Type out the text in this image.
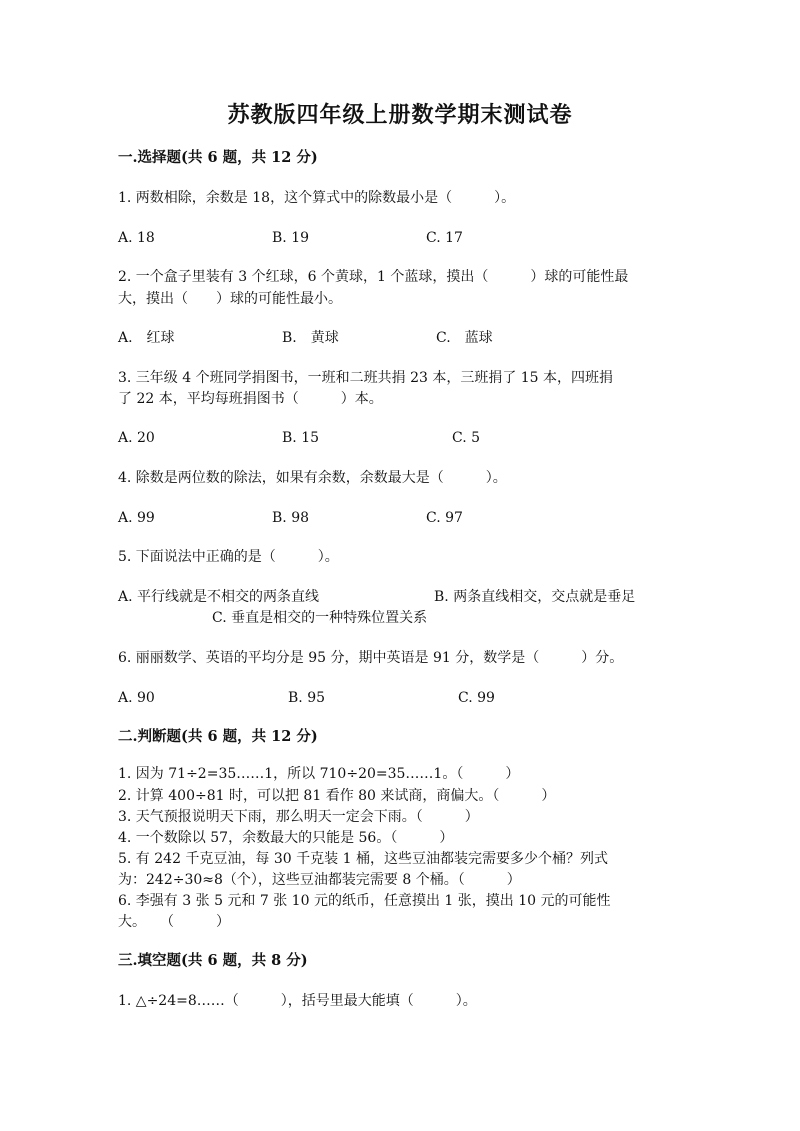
苏教版四年级上册数学期末测试卷
一.选择题(共 6 题，共 12 分)
1. 两数相除，余数是 18，这个算式中的除数最小是（　　　）。
A. 18	B. 19	C. 17
2. 一个盒子里装有 3 个红球，6 个黄球，1 个蓝球，摸出（　　　）球的可能性最
大，摸出（　　）球的可能性最小。
A.　红球	B.　黄球	C.　蓝球
3. 三年级 4 个班同学捐图书，一班和二班共捐 23 本，三班捐了 15 本，四班捐
了 22 本，平均每班捐图书（　　　）本。
A. 20	B. 15	C. 5
4. 除数是两位数的除法，如果有余数，余数最大是（　　　）。
A. 99	B. 98	C. 97
5. 下面说法中正确的是（　　　）。
A. 平行线就是不相交的两条直线	B. 两条直线相交，交点就是垂足
C. 垂直是相交的一种特殊位置关系
6. 丽丽数学、英语的平均分是 95 分，期中英语是 91 分，数学是（　　　）分。
A. 90	B. 95	C. 99
二.判断题(共 6 题，共 12 分)
1. 因为 71÷2=35……1，所以 710÷20=35……1。（　　　）
2. 计算 400÷81 时，可以把 81 看作 80 来试商，商偏大。（　　　）
3. 天气预报说明天下雨，那么明天一定会下雨。（　　　）
4. 一个数除以 57，余数最大的只能是 56。（　　　）
5. 有 242 千克豆油，每 30 千克装 1 桶，这些豆油都装完需要多少个桶？列式
为：242÷30≈8（个），这些豆油都装完需要 8 个桶。（　　　）
6. 李强有 3 张 5 元和 7 张 10 元的纸币，任意摸出 1 张，摸出 10 元的可能性
大。　　（　　　）
三.填空题(共 6 题，共 8 分)
1. △÷24=8……（　　　），括号里最大能填（　　　）。
